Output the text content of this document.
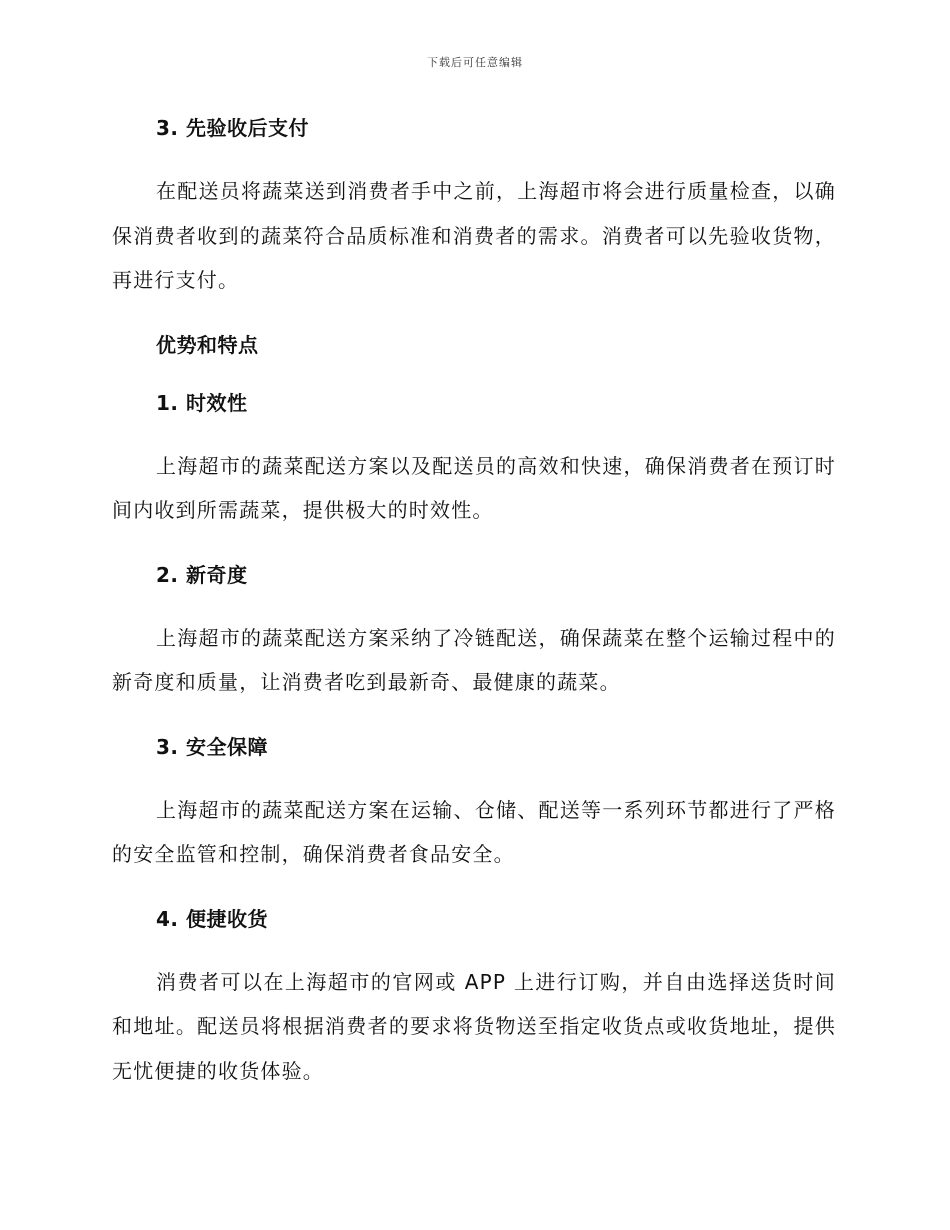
下载后可任意编辑
3. 先验收后支付

在配送员将蔬菜送到消费者手中之前，上海超市将会进行质量检查，以确保消费者收到的蔬菜符合品质标准和消费者的需求。消费者可以先验收货物，再进行支付。

优势和特点
1. 时效性

上海超市的蔬菜配送方案以及配送员的高效和快速，确保消费者在预订时间内收到所需蔬菜，提供极大的时效性。

2. 新奇度

上海超市的蔬菜配送方案采纳了冷链配送，确保蔬菜在整个运输过程中的新奇度和质量，让消费者吃到最新奇、最健康的蔬菜。

3. 安全保障

上海超市的蔬菜配送方案在运输、仓储、配送等一系列环节都进行了严格的安全监管和控制，确保消费者食品安全。

4. 便捷收货

消费者可以在上海超市的官网或 APP 上进行订购，并自由选择送货时间和地址。配送员将根据消费者的要求将货物送至指定收货点或收货地址，提供无忧便捷的收货体验。
